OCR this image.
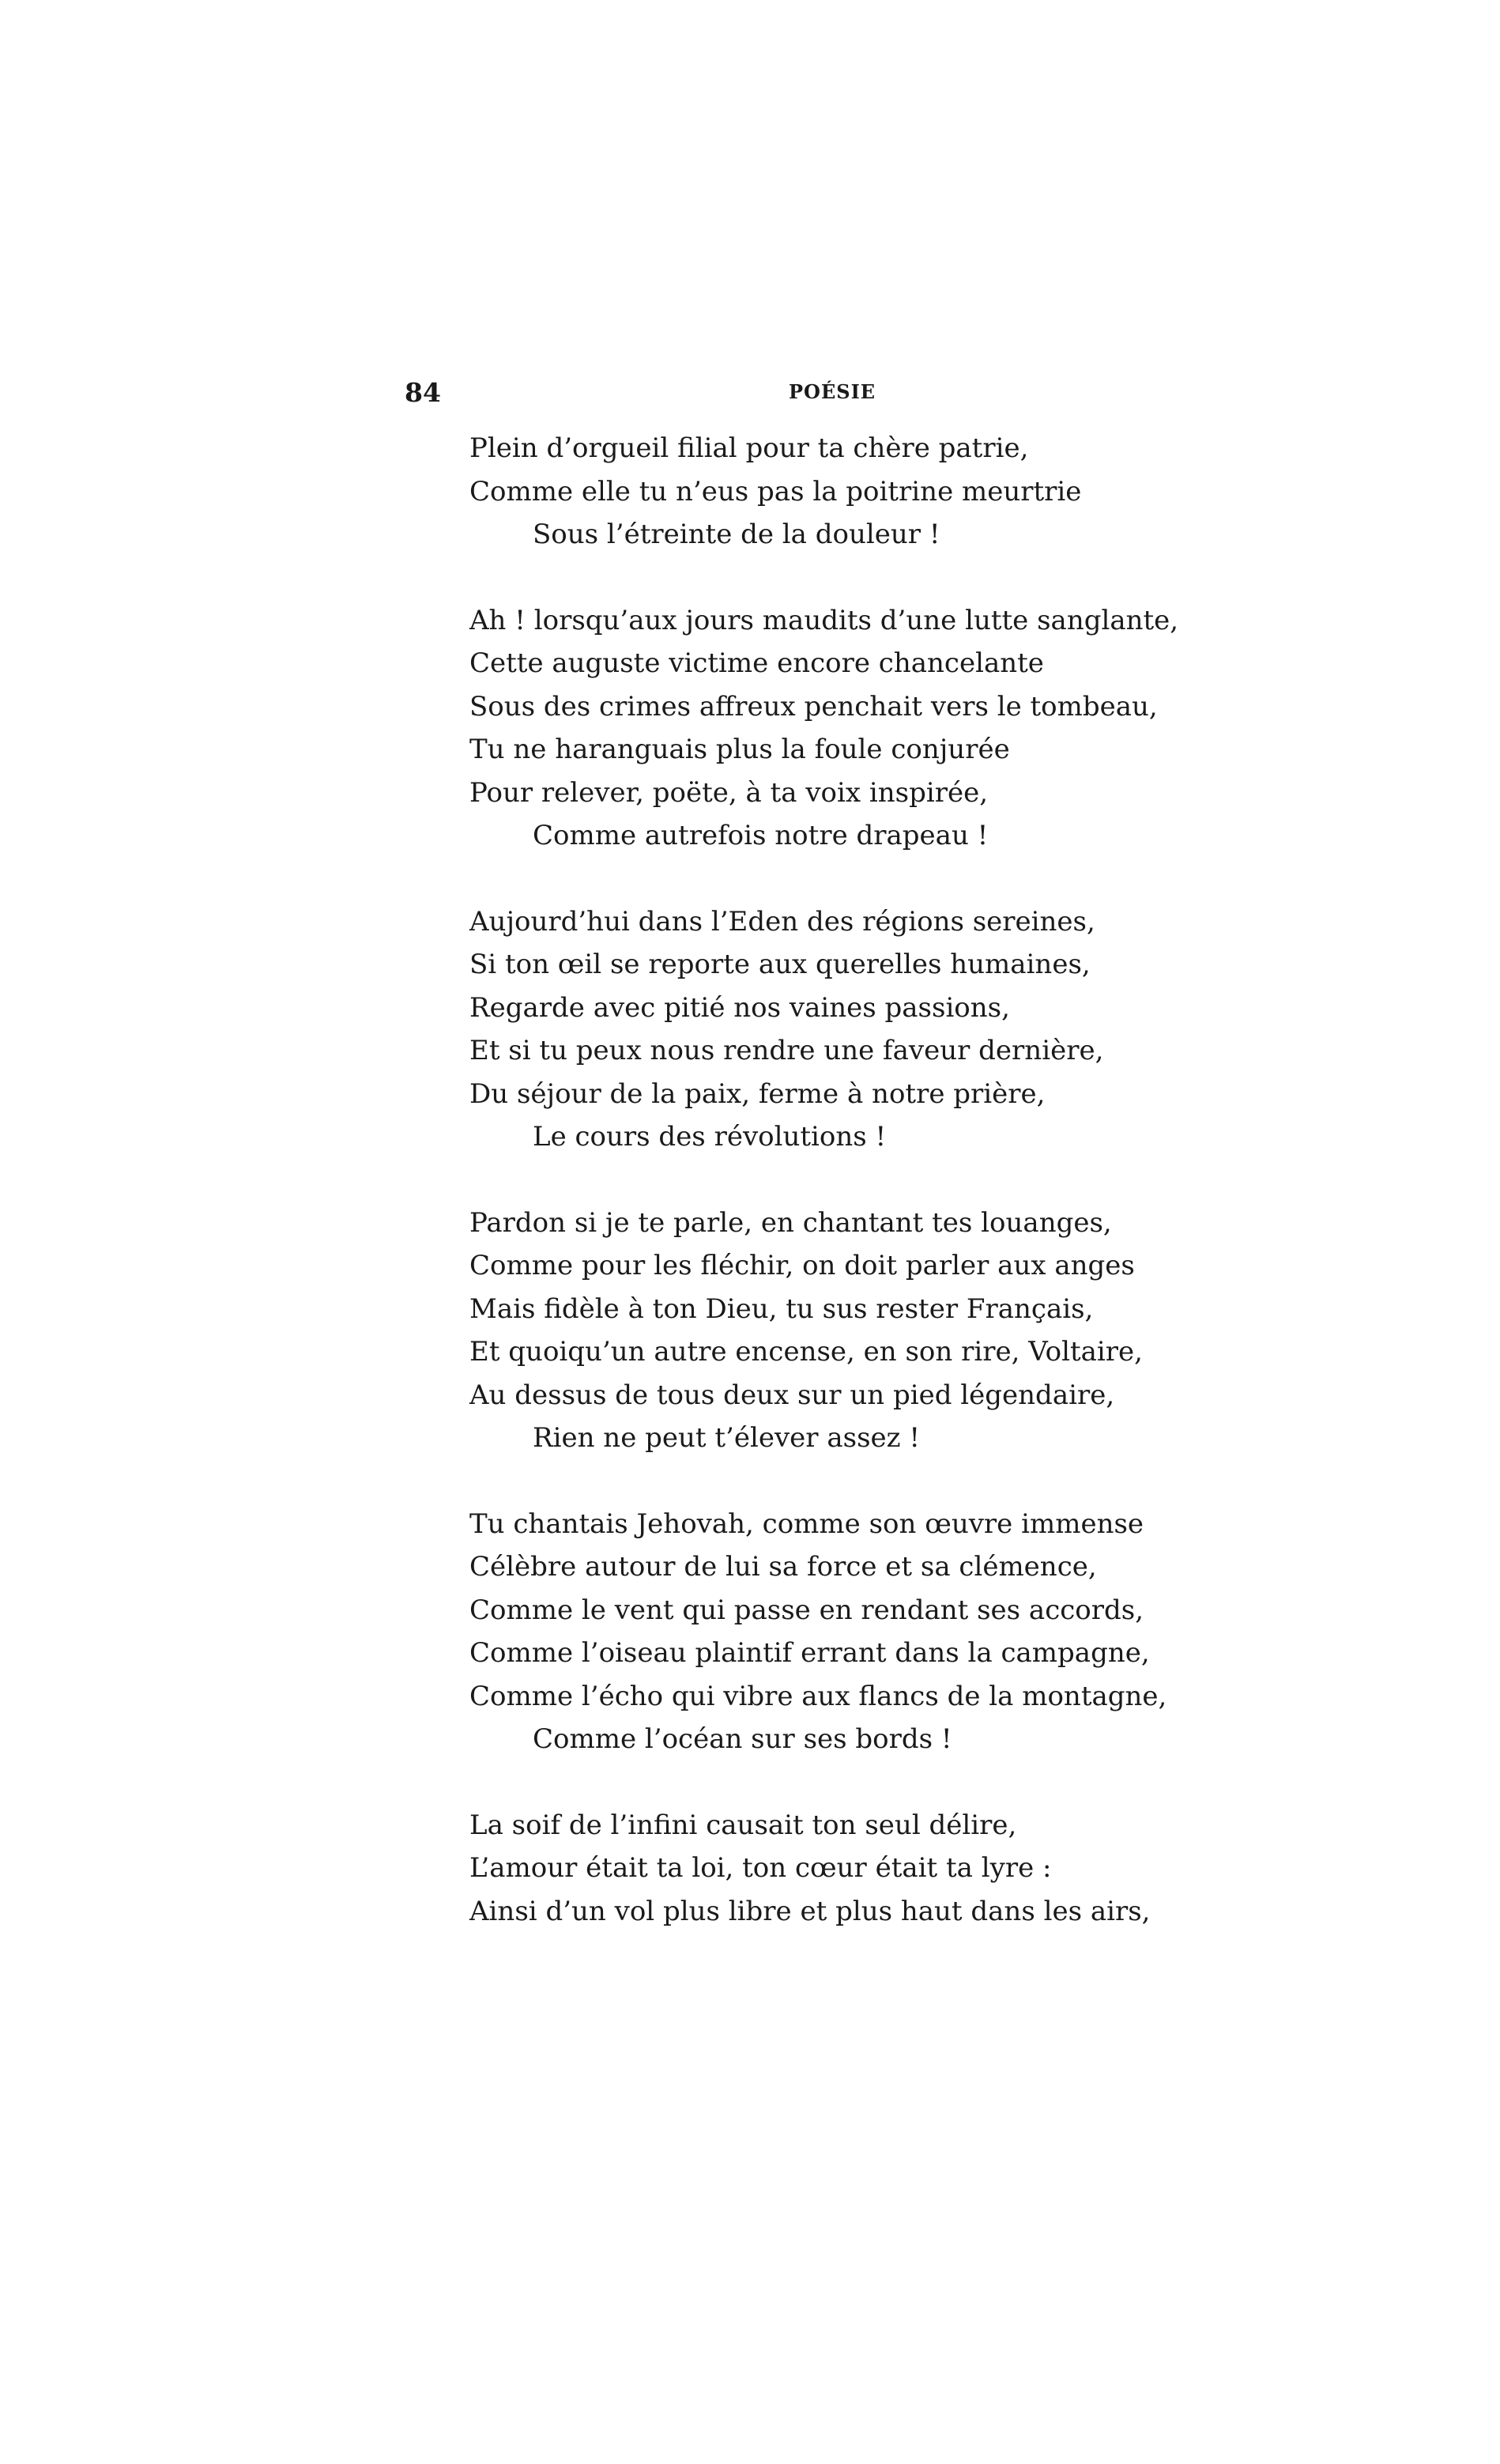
84	POÉSIE
Plein d’orgueil filial pour ta chère patrie,
Comme elle tu n’eus pas la poitrine meurtrie
Sous l’étreinte de la douleur !
Ah ! lorsqu’aux jours maudits d’une lutte sanglante,
Cette auguste victime encore chancelante
Sous des crimes affreux penchait vers le tombeau,
Tu ne haranguais plus la foule conjurée
Pour relever, poëte, à ta voix inspirée,
Comme autrefois notre drapeau !
Aujourd’hui dans l’Eden des régions sereines,
Si ton œil se reporte aux querelles humaines,
Regarde avec pitié nos vaines passions,
Et si tu peux nous rendre une faveur dernière,
Du séjour de la paix, ferme à notre prière,
Le cours des révolutions !
Pardon si je te parle, en chantant tes louanges,
Comme pour les fléchir, on doit parler aux anges
Mais fidèle à ton Dieu, tu sus rester Français,
Et quoiqu’un autre encense, en son rire, Voltaire,
Au dessus de tous deux sur un pied légendaire,
Rien ne peut t’élever assez !
Tu chantais Jehovah, comme son œuvre immense
Célèbre autour de lui sa force et sa clémence,
Comme le vent qui passe en rendant ses accords,
Comme l’oiseau plaintif errant dans la campagne,
Comme l’écho qui vibre aux flancs de la montagne,
Comme l’océan sur ses bords !
La soif de l’infini causait ton seul délire,
L’amour était ta loi, ton cœur était ta lyre :
Ainsi d’un vol plus libre et plus haut dans les airs,
